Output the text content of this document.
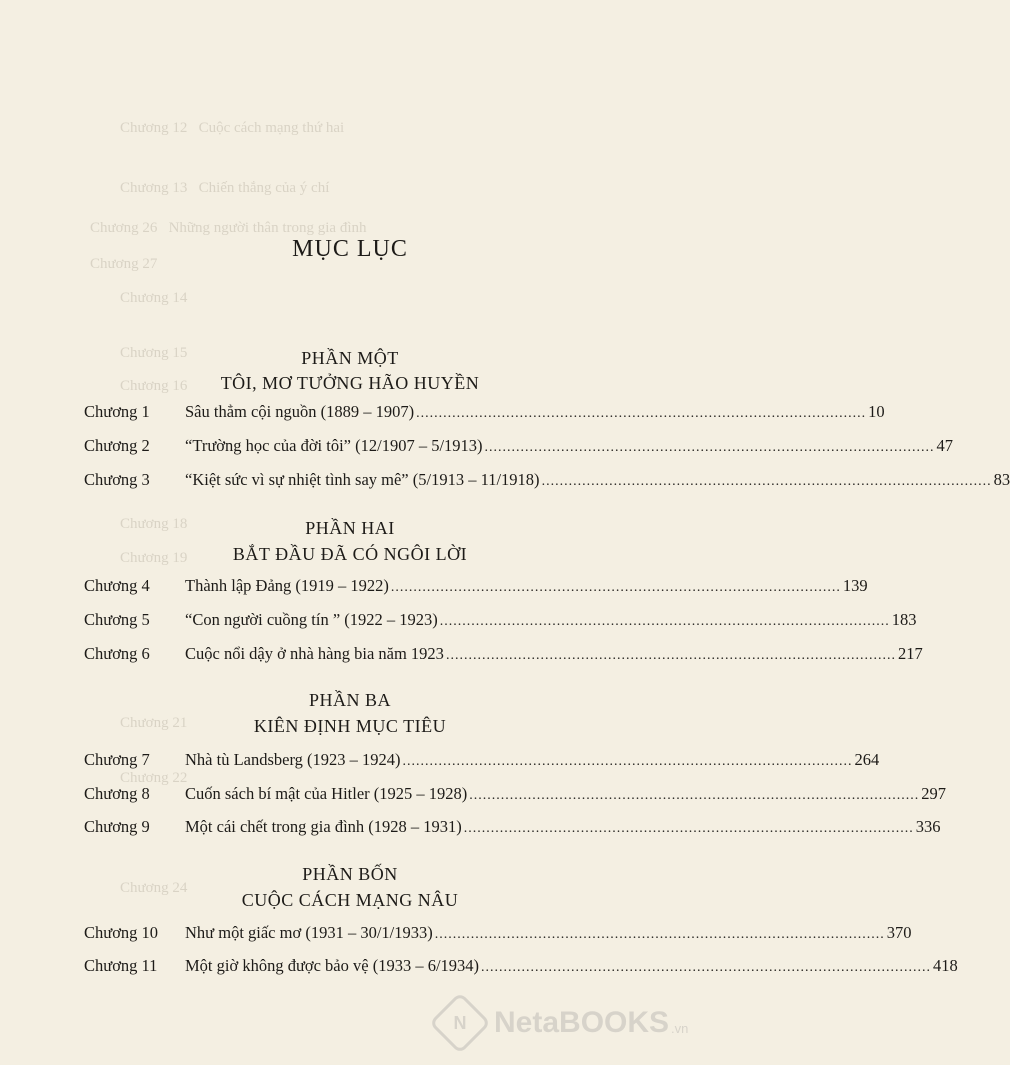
Chương 12   Cuộc cách mạng thứ hai
Chương 13   Chiến thắng của ý chí
Chương 26   Những người thân trong gia đình
Chương 27
Chương 14
Chương 15
Chương 16
Chương 18
Chương 19
Chương 21
Chương 22
Chương 24
MỤC LỤC
PHẦN MỘT
TÔI, MƠ TƯỞNG HÃO HUYỀN
Chương 1	Sâu thẳm cội nguồn (1889 – 1907) .................................................................................................... 10
Chương 2	“Trường học của đời tôi” (12/1907 – 5/1913) .................................................................................................... 47
Chương 3	“Kiệt sức vì sự nhiệt tình say mê” (5/1913 – 11/1918) .................................................................................................... 83
PHẦN HAI
BẮT ĐẦU ĐÃ CÓ NGÔI LỜI
Chương 4	Thành lập Đảng (1919 – 1922) .................................................................................................... 139
Chương 5	“Con người cuồng tín ” (1922 – 1923) .................................................................................................... 183
Chương 6	Cuộc nổi dậy ở nhà hàng bia năm 1923 .................................................................................................... 217
PHẦN BA
KIÊN ĐỊNH MỤC TIÊU
Chương 7	Nhà tù Landsberg (1923 – 1924) .................................................................................................... 264
Chương 8	Cuốn sách bí mật của Hitler (1925 – 1928) .................................................................................................... 297
Chương 9	Một cái chết trong gia đình (1928 – 1931) .................................................................................................... 336
PHẦN BỐN
CUỘC CÁCH MẠNG NÂU
Chương 10	Như một giấc mơ (1931 – 30/1/1933) .................................................................................................... 370
Chương 11	Một giờ không được bảo vệ (1933 – 6/1934) .................................................................................................... 418
N NetaBOOKS .vn
